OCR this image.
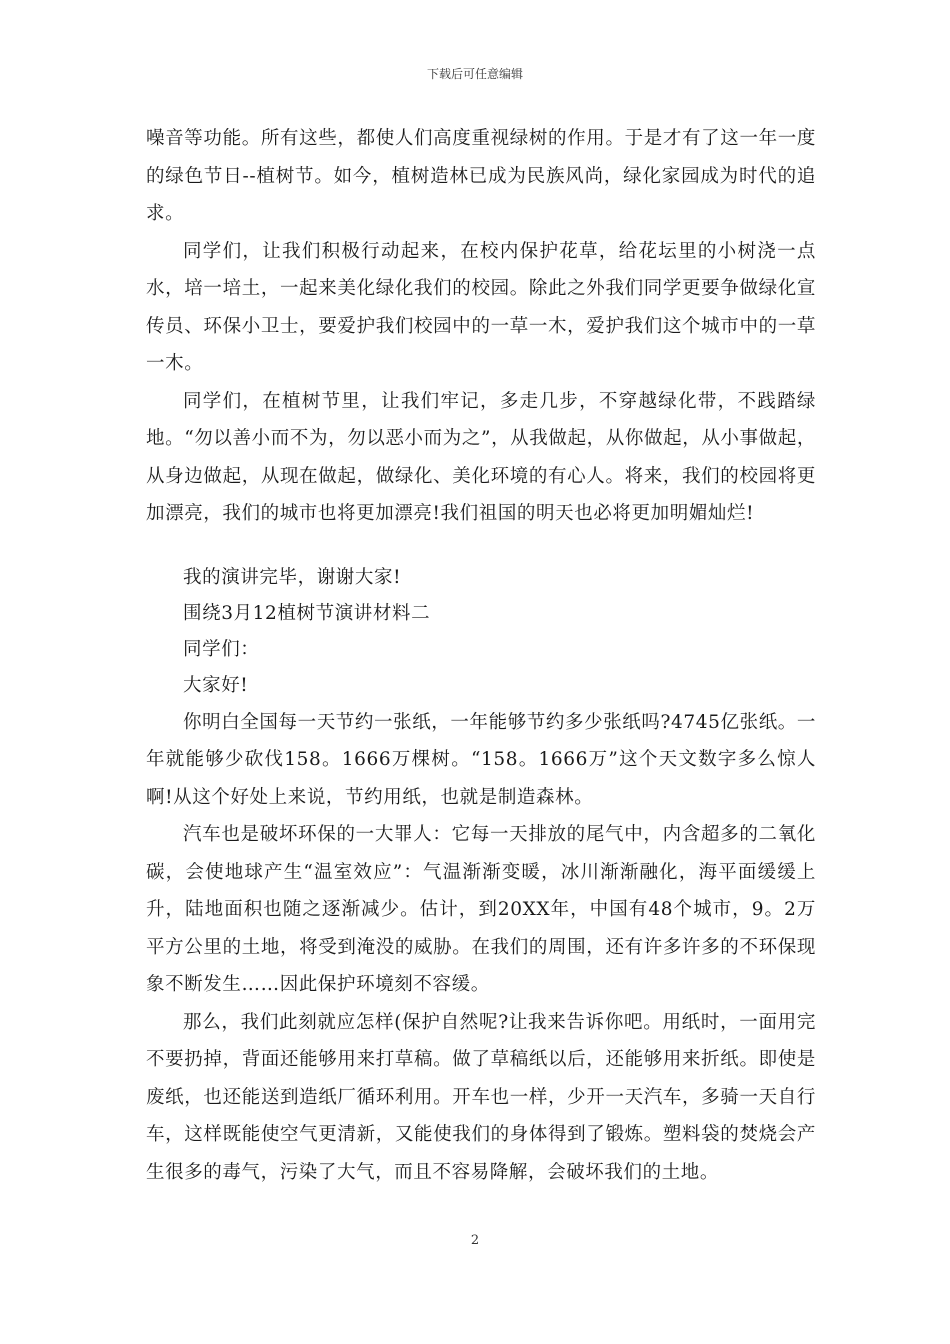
下载后可任意编辑

噪音等功能。所有这些，都使人们高度重视绿树的作用。于是才有了这一年一度的绿色节日--植树节。如今，植树造林已成为民族风尚，绿化家园成为时代的追求。

同学们，让我们积极行动起来，在校内保护花草，给花坛里的小树浇一点水，培一培土，一起来美化绿化我们的校园。除此之外我们同学更要争做绿化宣传员、环保小卫士，要爱护我们校园中的一草一木，爱护我们这个城市中的一草一木。

同学们，在植树节里，让我们牢记，多走几步，不穿越绿化带，不践踏绿地。“勿以善小而不为，勿以恶小而为之”，从我做起，从你做起，从小事做起，从身边做起，从现在做起，做绿化、美化环境的有心人。将来，我们的校园将更加漂亮，我们的城市也将更加漂亮!我们祖国的明天也必将更加明媚灿烂!

我的演讲完毕，谢谢大家!

围绕3月12植树节演讲材料二

同学们：

大家好!

你明白全国每一天节约一张纸，一年能够节约多少张纸吗?4745亿张纸。一年就能够少砍伐158。1666万棵树。“158。1666万”这个天文数字多么惊人啊!从这个好处上来说，节约用纸，也就是制造森林。

汽车也是破坏环保的一大罪人：它每一天排放的尾气中，内含超多的二氧化碳，会使地球产生“温室效应”：气温渐渐变暖，冰川渐渐融化，海平面缓缓上升，陆地面积也随之逐渐减少。估计，到20XX年，中国有48个城市，9。2万平方公里的土地，将受到淹没的威胁。在我们的周围，还有许多许多的不环保现象不断发生……因此保护环境刻不容缓。

那么，我们此刻就应怎样(保护自然呢?让我来告诉你吧。用纸时，一面用完不要扔掉，背面还能够用来打草稿。做了草稿纸以后，还能够用来折纸。即使是废纸，也还能送到造纸厂循环利用。开车也一样，少开一天汽车，多骑一天自行车，这样既能使空气更清新，又能使我们的身体得到了锻炼。塑料袋的焚烧会产生很多的毒气，污染了大气，而且不容易降解，会破坏我们的土地。

2
